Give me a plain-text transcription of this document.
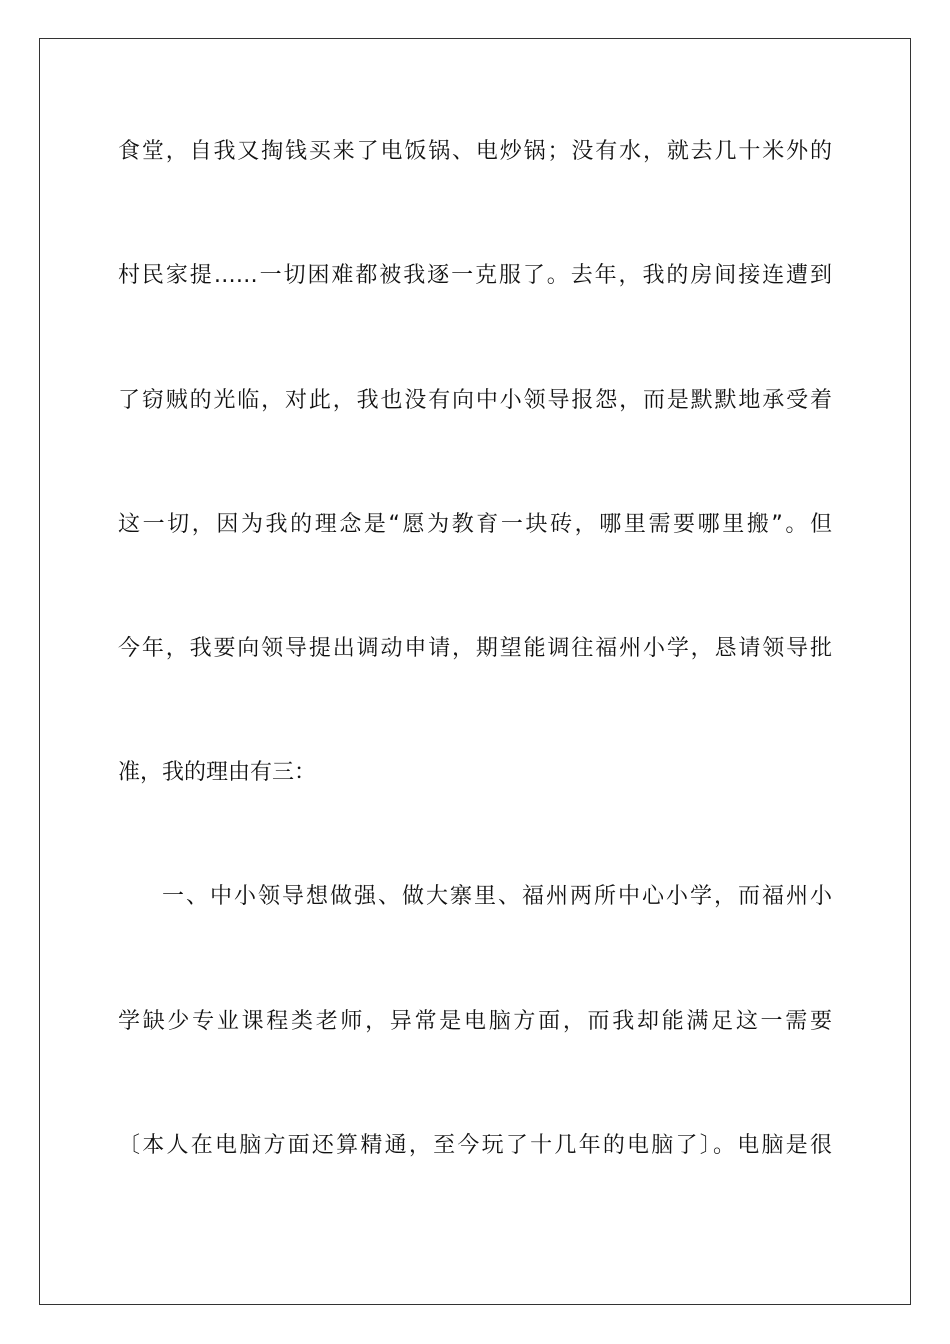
食堂，自我又掏钱买来了电饭锅、电炒锅；没有水，就去几十米外的
村民家提……一切困难都被我逐一克服了。去年，我的房间接连遭到
了窃贼的光临，对此，我也没有向中小领导报怨，而是默默地承受着
这一切，因为我的理念是“愿为教育一块砖，哪里需要哪里搬”。但
今年，我要向领导提出调动申请，期望能调往福州小学，恳请领导批
准，我的理由有三：
一、中小领导想做强、做大寨里、福州两所中心小学，而福州小
学缺少专业课程类老师，异常是电脑方面，而我却能满足这一需要
〔本人在电脑方面还算精通，至今玩了十几年的电脑了〕。电脑是很
